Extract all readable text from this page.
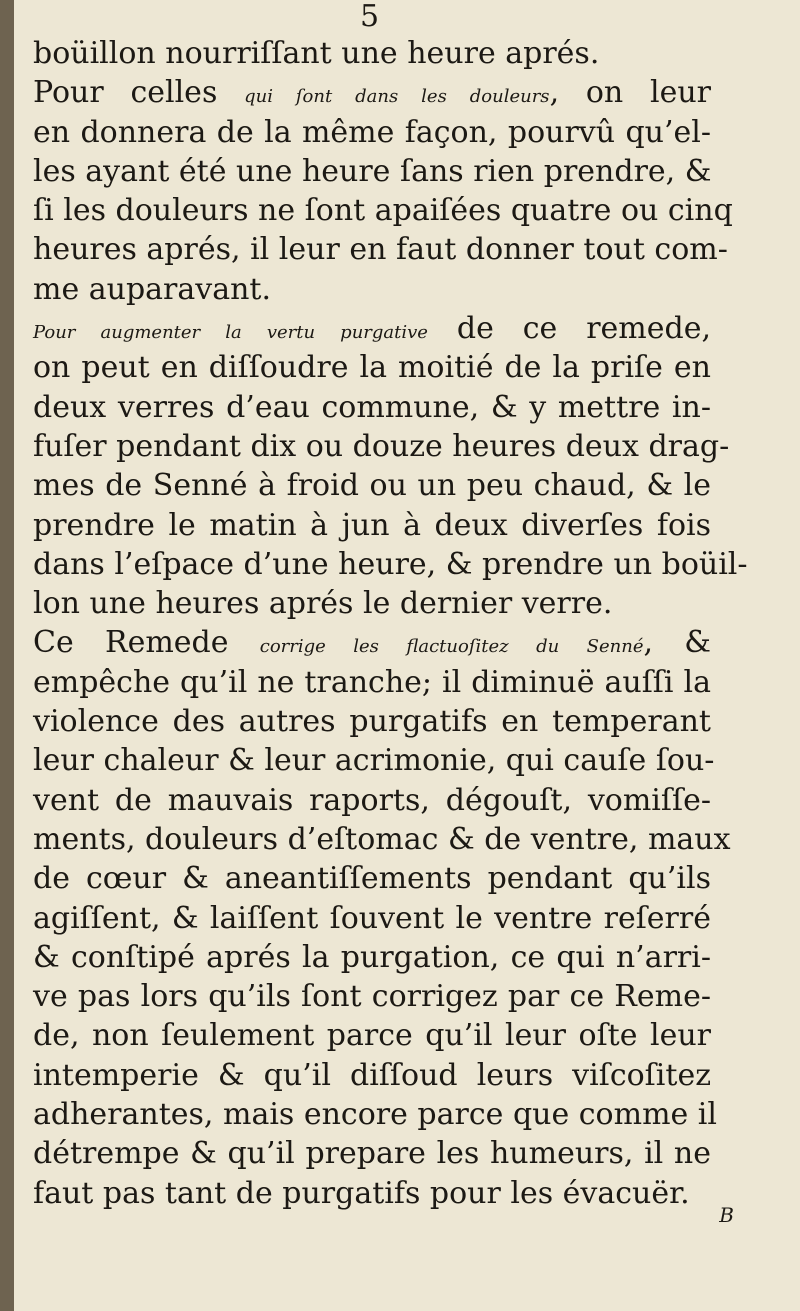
5
boüillon nourriſſant une heure aprés.
Pour celles qui ſont dans les douleurs, on leur
en donnera de la même façon, pourvû qu’el-
les ayant été une heure ſans rien prendre, &
ſi les douleurs ne ſont apaiſées quatre ou cinq
heures aprés, il leur en faut donner tout com-
me auparavant.
Pour augmenter la vertu purgative de ce remede,
on peut en diſſoudre la moitié de la priſe en
deux verres d’eau commune, & y mettre in-
fuſer pendant dix ou douze heures deux drag-
mes de Senné à froid ou un peu chaud, & le
prendre le matin à jun à deux diverſes fois
dans l’eſpace d’une heure, & prendre un boüil-
lon une heures aprés le dernier verre.
Ce Remede corrige les flactuoſitez du Senné, &
empêche qu’il ne tranche; il diminuë auſſi la
violence des autres purgatifs en temperant
leur chaleur & leur acrimonie, qui cauſe ſou-
vent de mauvais raports, dégouſt, vomiſſe-
ments, douleurs d’eſtomac & de ventre, maux
de cœur & aneantiſſements pendant qu’ils
agiſſent, & laiſſent ſouvent le ventre reſerré
& conſtipé aprés la purgation, ce qui n’arri-
ve pas lors qu’ils ſont corrigez par ce Reme-
de, non ſeulement parce qu’il leur oſte leur
intemperie & qu’il diſſoud leurs viſcoſitez
adherantes, mais encore parce que comme il
détrempe & qu’il prepare les humeurs, il ne
faut pas tant de purgatifs pour les évacuër.
B
